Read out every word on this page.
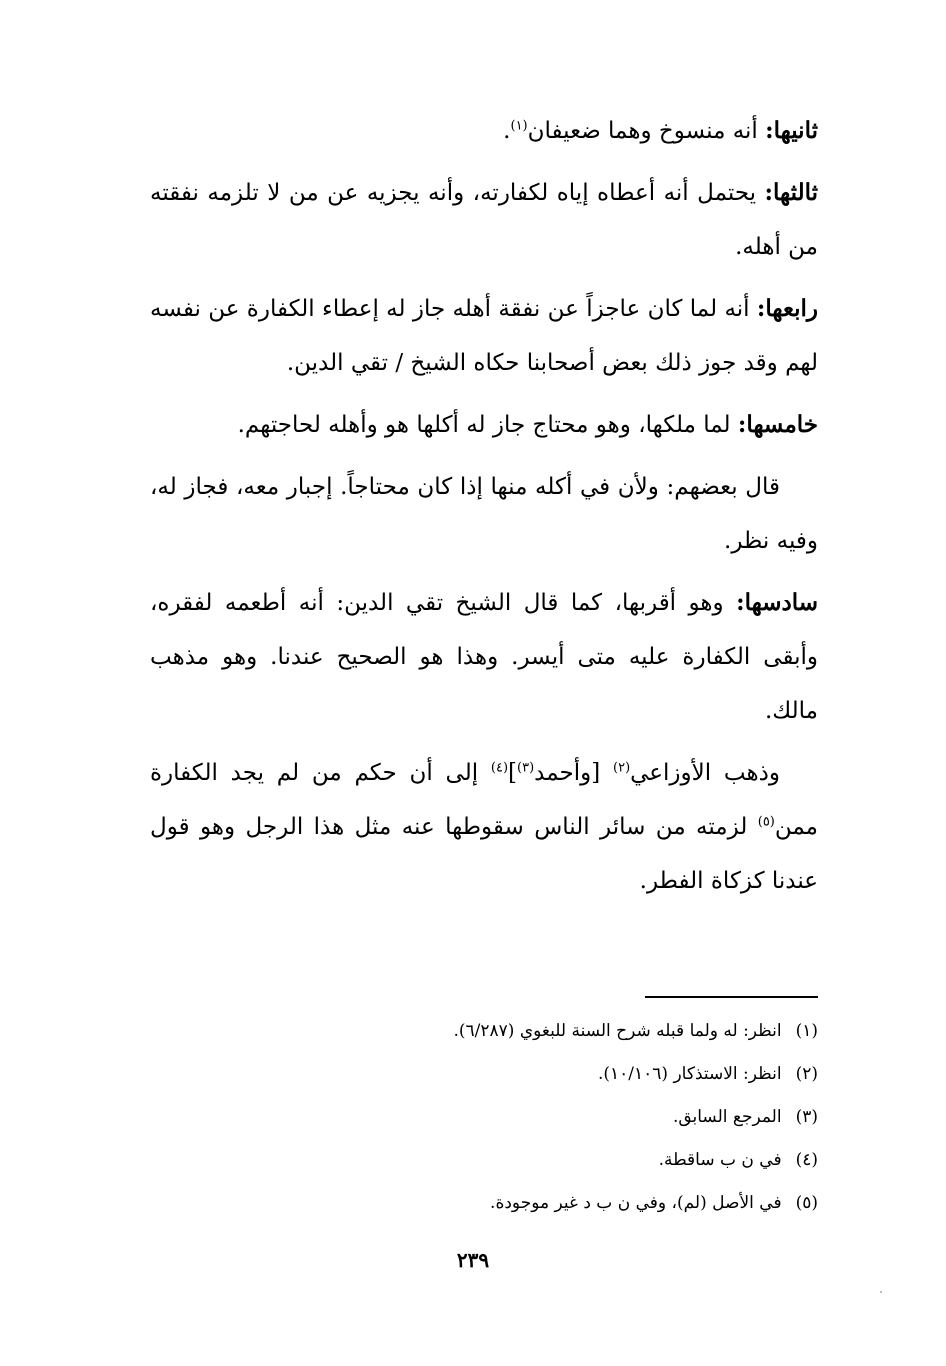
ثانيها: أنه منسوخ وهما ضعيفان$^{(١)}$.

ثالثها: يحتمل أنه أعطاه إياه لكفارته، وأنه يجزيه عن من لا تلزمه نفقته من أهله.

رابعها: أنه لما كان عاجزاً عن نفقة أهله جاز له إعطاء الكفارة عن نفسه لهم وقد جوز ذلك بعض أصحابنا حكاه الشيخ / تقي الدين.

خامسها: لما ملكها، وهو محتاج جاز له أكلها هو وأهله لحاجتهم.

قال بعضهم: ولأن في أكله منها إذا كان محتاجاً. إجبار معه، فجاز له، وفيه نظر.

سادسها: وهو أقربها، كما قال الشيخ تقي الدين: أنه أطعمه لفقره، وأبقى الكفارة عليه متى أيسر. وهذا هو الصحيح عندنا. وهو مذهب مالك.

وذهب الأوزاعي$^{(٢)}$ [وأحمد$^{(٣)}$]$^{(٤)}$ إلى أن حكم من لم يجد الكفارة ممن$^{(٥)}$ لزمته من سائر الناس سقوطها عنه مثل هذا الرجل وهو قول عندنا كزكاة الفطر.

(١)
انظر: له ولما قبله شرح السنة للبغوي (٦/٢٨٧).
(٢)
انظر: الاستذكار (١٠/١٠٦).
(٣)
المرجع السابق.
(٤)
في ن ب ساقطة.
(٥)
في الأصل (لم)، وفي ن ب د غير موجودة.
٢٣٩
